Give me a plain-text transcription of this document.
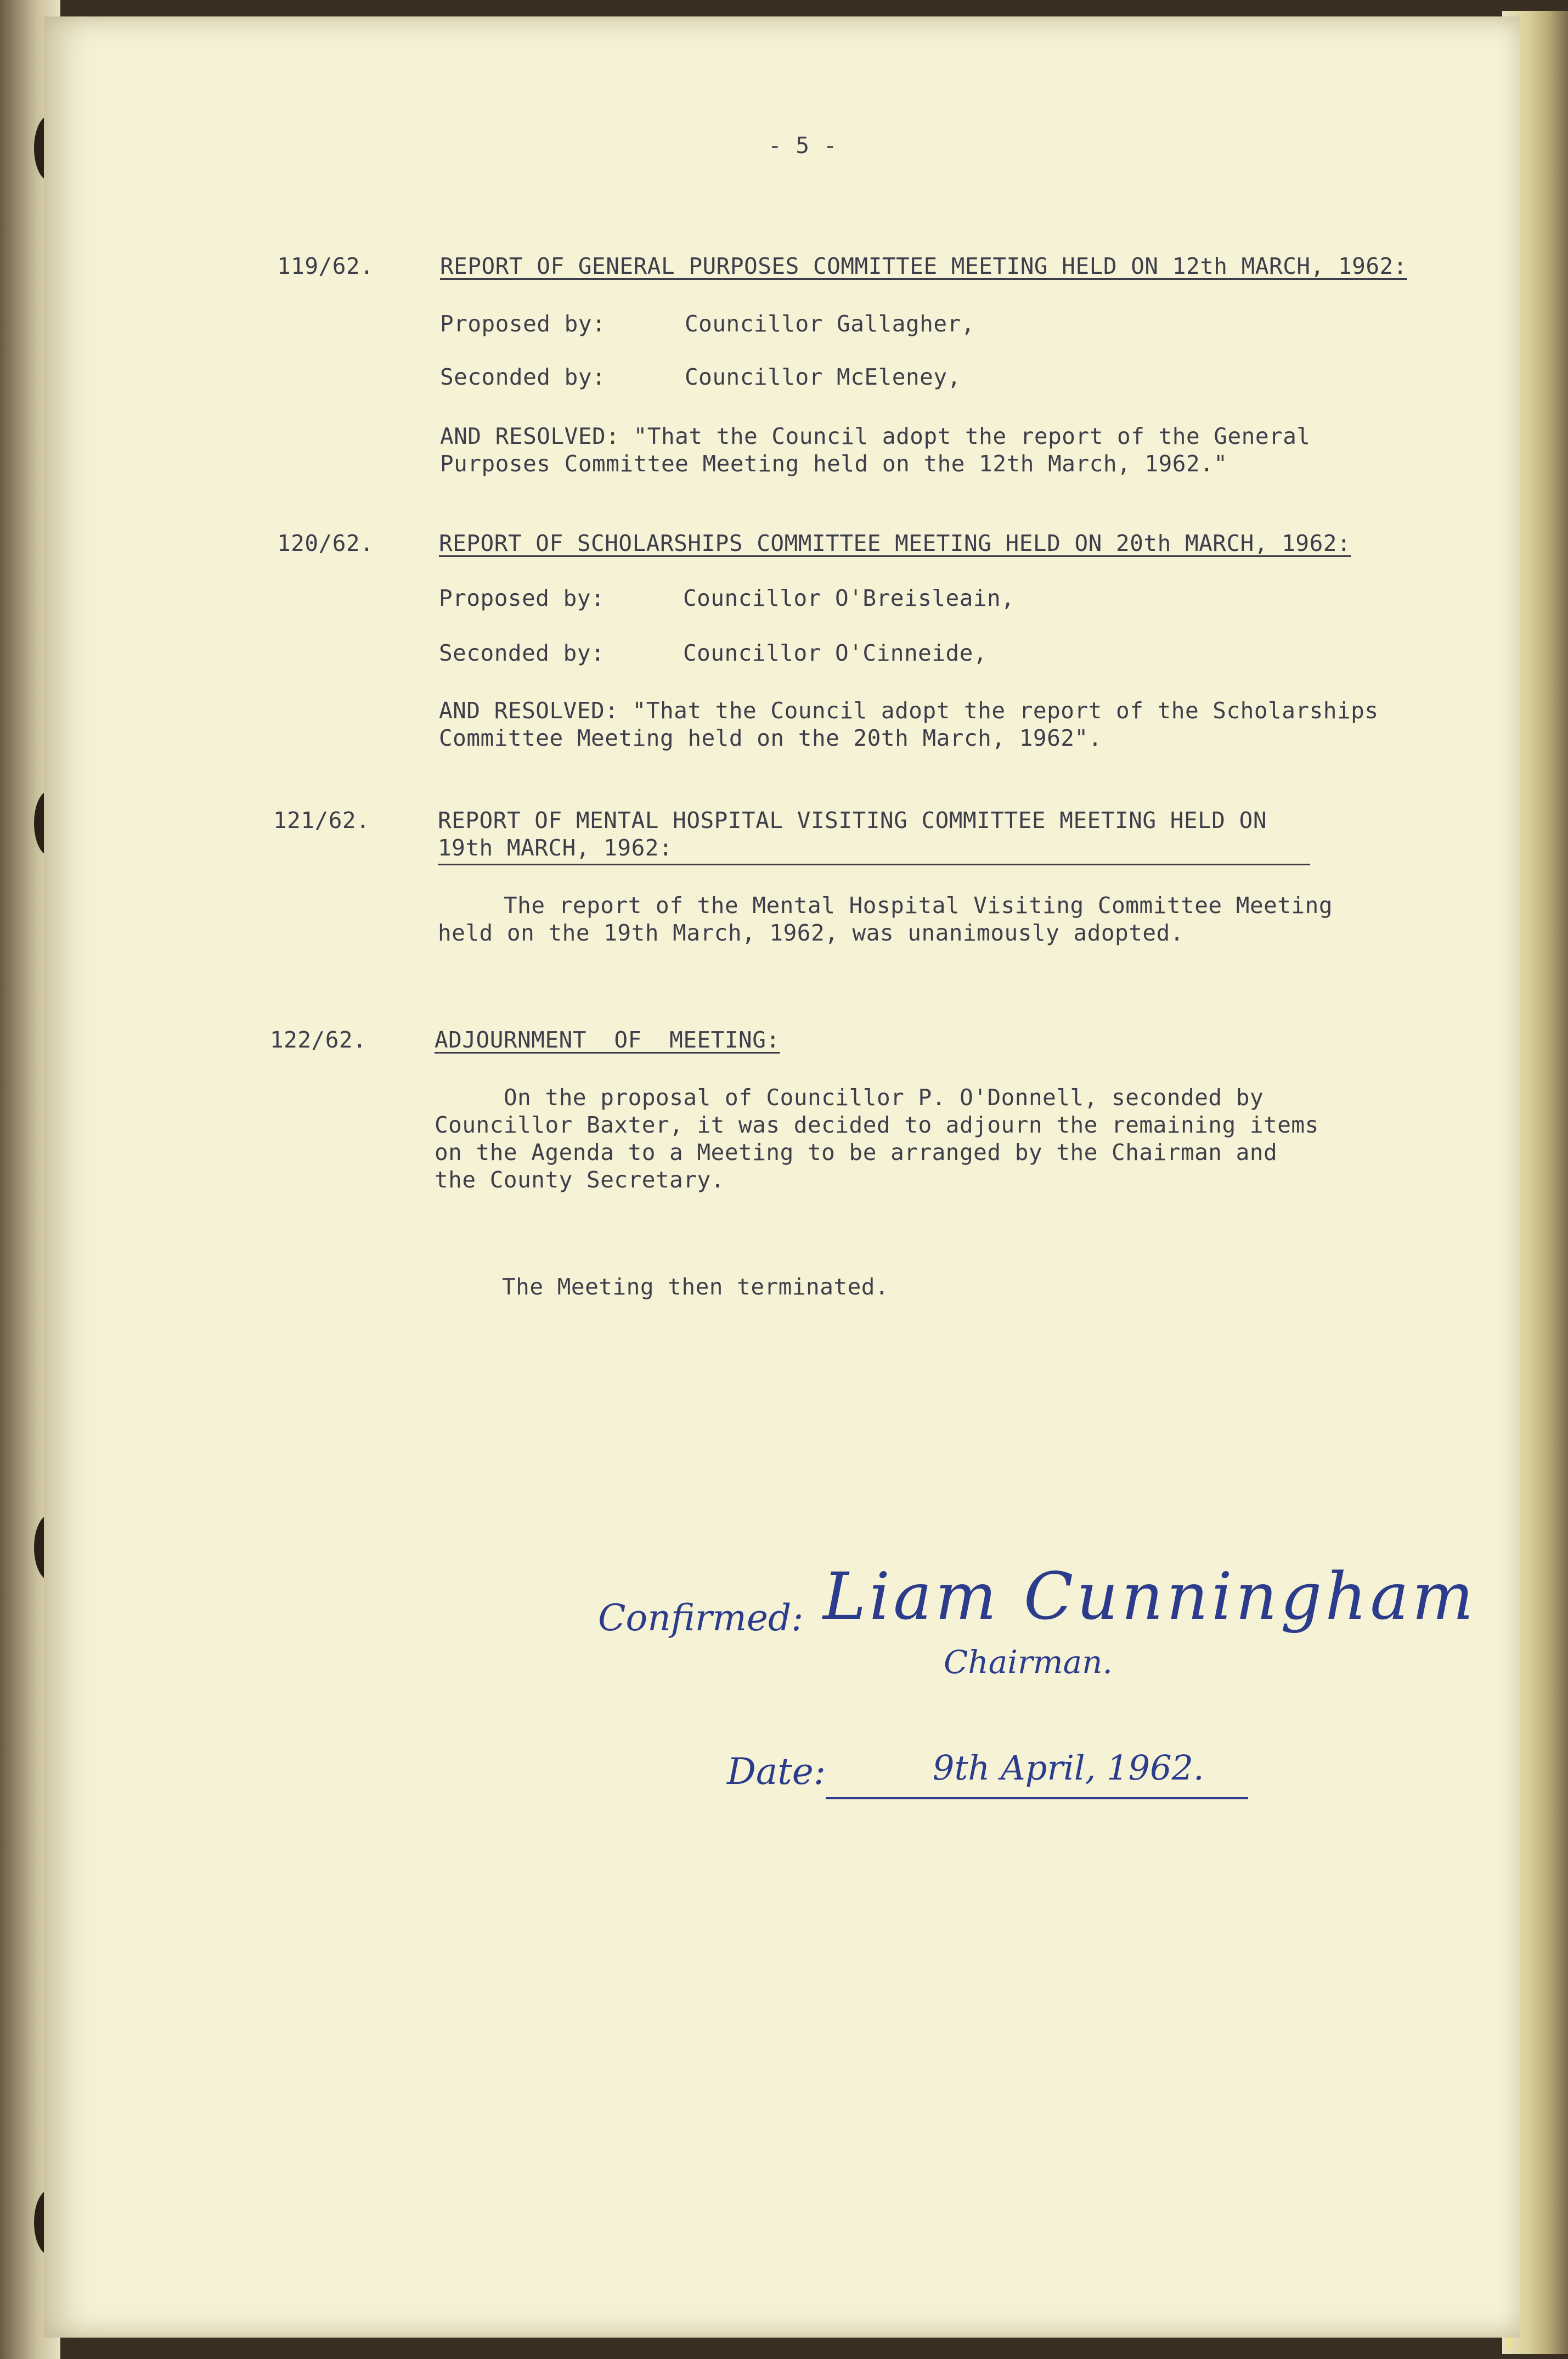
- 5 -
119/62.	REPORT OF GENERAL PURPOSES COMMITTEE MEETING HELD ON 12th MARCH, 1962:
Proposed by:	Councillor Gallagher,
Seconded by:	Councillor McEleney,
AND RESOLVED: "That the Council adopt the report of the General
Purposes Committee Meeting held on the 12th March, 1962."
120/62.	REPORT OF SCHOLARSHIPS COMMITTEE MEETING HELD ON 20th MARCH, 1962:
Proposed by:	Councillor O'Breisleain,
Seconded by:	Councillor O'Cinneide,
AND RESOLVED: "That the Council adopt the report of the Scholarships
Committee Meeting held on the 20th March, 1962".
121/62.	REPORT OF MENTAL HOSPITAL VISITING COMMITTEE MEETING HELD ON
19th MARCH, 1962:
The report of the Mental Hospital Visiting Committee Meeting
held on the 19th March, 1962, was unanimously adopted.
122/62.	ADJOURNMENT  OF  MEETING:
On the proposal of Councillor P. O'Donnell, seconded by
Councillor Baxter, it was decided to adjourn the remaining items
on the Agenda to a Meeting to be arranged by the Chairman and
the County Secretary.
The Meeting then terminated.
Confirmed: Liam Cunningham
Chairman.
Date:	9th April, 1962.
